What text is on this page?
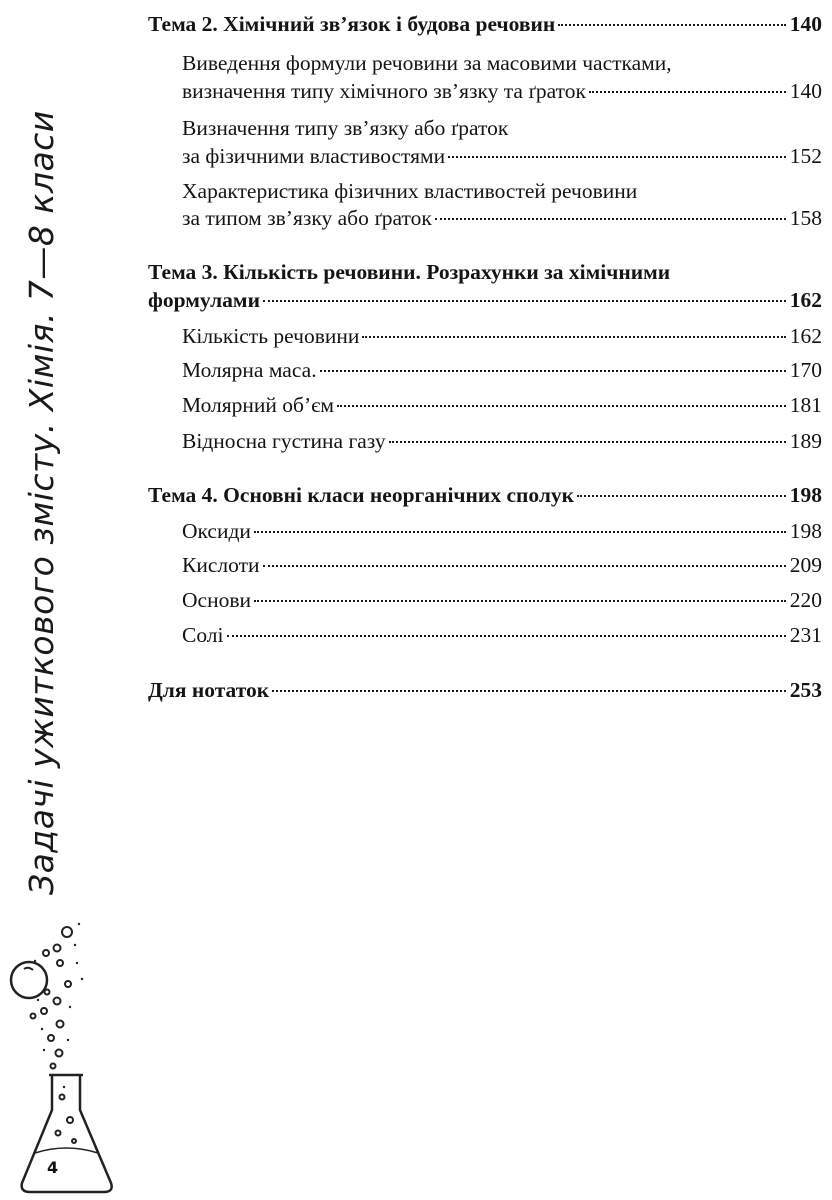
Тема 2. Хімічний зв’язок і будова речовин	140
Виведення формули речовини за масовими частками,
визначення типу хімічного зв’язку та ґраток	140
Визначення типу зв’язку або ґраток
за фізичними властивостями	152
Характеристика фізичних властивостей речовини
за типом зв’язку або ґраток	158
Тема 3. Кількість речовини. Розрахунки за хімічними
формулами	162
Кількість речовини	162
Молярна маса.	170
Молярний об’єм	181
Відносна густина газу	189
Тема 4. Основні класи неорганічних сполук	198
Оксиди	198
Кислоти	209
Основи	220
Солі	231
Для нотаток	253
Задачі ужиткового змісту. Хімія. 7—8 класи
4
